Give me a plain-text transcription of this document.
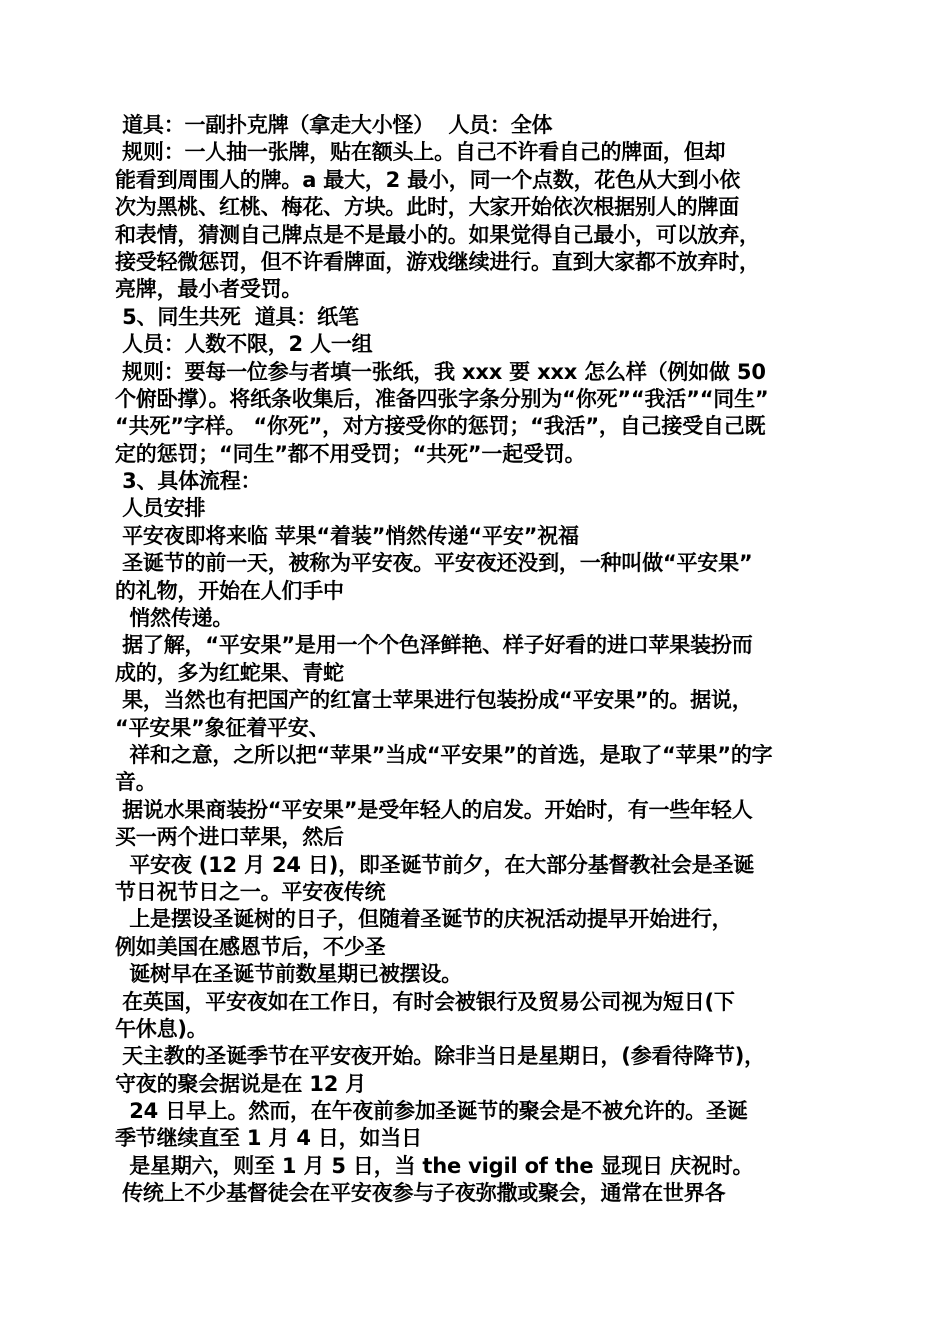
道具：一副扑克牌（拿走大小怪）  人员：全体
规则：一人抽一张牌，贴在额头上。自己不许看自己的牌面，但却
能看到周围人的牌。a 最大，2 最小，同一个点数，花色从大到小依
次为黑桃、红桃、梅花、方块。此时，大家开始依次根据别人的牌面
和表情，猜测自己牌点是不是最小的。如果觉得自己最小，可以放弃，
接受轻微惩罚，但不许看牌面，游戏继续进行。直到大家都不放弃时，
亮牌，最小者受罚。
5、同生共死  道具：纸笔
人员：人数不限，2 人一组
规则：要每一位参与者填一张纸，我 xxx 要 xxx 怎么样（例如做 50
个俯卧撑）。将纸条收集后，准备四张字条分别为“你死”“我活”“同生”
“共死”字样。 “你死”，对方接受你的惩罚；“我活”，自己接受自己既
定的惩罚；“同生”都不用受罚；“共死”一起受罚。
3、具体流程：
人员安排
平安夜即将来临 苹果“着装”悄然传递“平安”祝福
圣诞节的前一天，被称为平安夜。平安夜还没到，一种叫做“平安果”
的礼物，开始在人们手中
悄然传递。
据了解，“平安果”是用一个个色泽鲜艳、样子好看的进口苹果装扮而
成的，多为红蛇果、青蛇
果，当然也有把国产的红富士苹果进行包装扮成“平安果”的。据说，
“平安果”象征着平安、
祥和之意，之所以把“苹果”当成“平安果”的首选，是取了“苹果”的字
音。
据说水果商装扮“平安果”是受年轻人的启发。开始时，有一些年轻人
买一两个进口苹果，然后
平安夜 (12 月 24 日)，即圣诞节前夕，在大部分基督教社会是圣诞
节日祝节日之一。平安夜传统
上是摆设圣诞树的日子，但随着圣诞节的庆祝活动提早开始进行，
例如美国在感恩节后，不少圣
诞树早在圣诞节前数星期已被摆设。
在英国，平安夜如在工作日，有时会被银行及贸易公司视为短日(下
午休息)。
天主教的圣诞季节在平安夜开始。除非当日是星期日，(参看待降节)，
守夜的聚会据说是在 12 月
24 日早上。然而，在午夜前参加圣诞节的聚会是不被允许的。圣诞
季节继续直至 1 月 4 日，如当日
是星期六，则至 1 月 5 日，当 the vigil of the 显现日 庆祝时。
传统上不少基督徒会在平安夜参与子夜弥撒或聚会，通常在世界各
